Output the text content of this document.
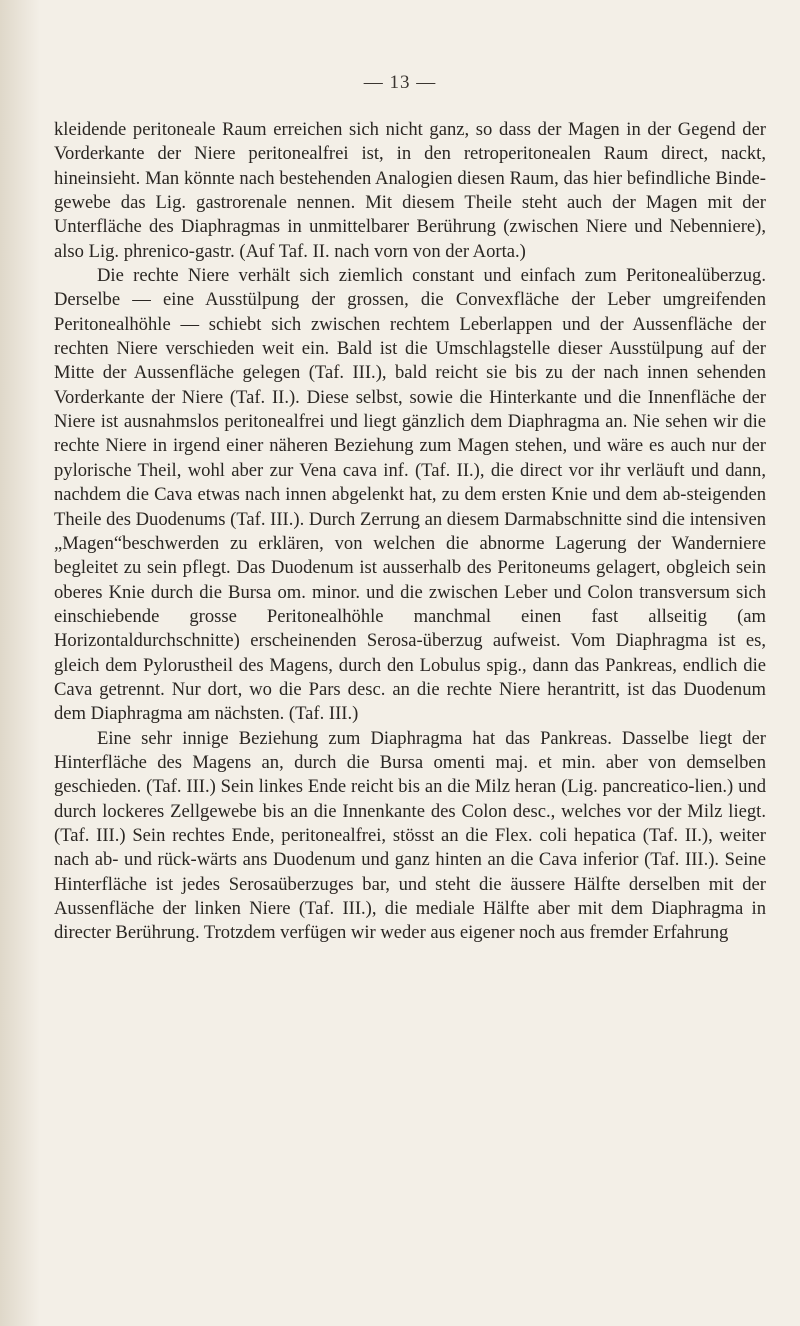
— 13 —

kleidende peritoneale Raum erreichen sich nicht ganz, so dass der Magen in der Gegend der Vorderkante der Niere peritonealfrei ist, in den retroperitonealen Raum direct, nackt, hineinsieht. Man könnte nach bestehenden Analogien diesen Raum, das hier befindliche Binde-gewebe das Lig. gastrorenale nennen. Mit diesem Theile steht auch der Magen mit der Unterfläche des Diaphragmas in unmittelbarer Berührung (zwischen Niere und Nebenniere), also Lig. phrenico-gastr. (Auf Taf. II. nach vorn von der Aorta.)

Die rechte Niere verhält sich ziemlich constant und einfach zum Peritonealüberzug. Derselbe — eine Ausstülpung der grossen, die Convexfläche der Leber umgreifenden Peritonealhöhle — schiebt sich zwischen rechtem Leberlappen und der Aussenfläche der rechten Niere verschieden weit ein. Bald ist die Umschlagstelle dieser Ausstülpung auf der Mitte der Aussenfläche gelegen (Taf. III.), bald reicht sie bis zu der nach innen sehenden Vorderkante der Niere (Taf. II.). Diese selbst, sowie die Hinterkante und die Innenfläche der Niere ist ausnahmslos peritonealfrei und liegt gänzlich dem Diaphragma an. Nie sehen wir die rechte Niere in irgend einer näheren Beziehung zum Magen stehen, und wäre es auch nur der pylorische Theil, wohl aber zur Vena cava inf. (Taf. II.), die direct vor ihr verläuft und dann, nachdem die Cava etwas nach innen abgelenkt hat, zu dem ersten Knie und dem ab-steigenden Theile des Duodenums (Taf. III.). Durch Zerrung an diesem Darmabschnitte sind die intensiven „Magen“beschwerden zu erklären, von welchen die abnorme Lagerung der Wanderniere begleitet zu sein pflegt. Das Duodenum ist ausserhalb des Peritoneums gelagert, obgleich sein oberes Knie durch die Bursa om. minor. und die zwischen Leber und Colon transversum sich einschiebende grosse Peritonealhöhle manchmal einen fast allseitig (am Horizontaldurchschnitte) erscheinenden Serosa-überzug aufweist. Vom Diaphragma ist es, gleich dem Pylorustheil des Magens, durch den Lobulus spig., dann das Pankreas, endlich die Cava getrennt. Nur dort, wo die Pars desc. an die rechte Niere herantritt, ist das Duodenum dem Diaphragma am nächsten. (Taf. III.)

Eine sehr innige Beziehung zum Diaphragma hat das Pankreas. Dasselbe liegt der Hinterfläche des Magens an, durch die Bursa omenti maj. et min. aber von demselben geschieden. (Taf. III.) Sein linkes Ende reicht bis an die Milz heran (Lig. pancreatico-lien.) und durch lockeres Zellgewebe bis an die Innenkante des Colon desc., welches vor der Milz liegt. (Taf. III.) Sein rechtes Ende, peritonealfrei, stösst an die Flex. coli hepatica (Taf. II.), weiter nach ab- und rück-wärts ans Duodenum und ganz hinten an die Cava inferior (Taf. III.). Seine Hinterfläche ist jedes Serosaüberzuges bar, und steht die äussere Hälfte derselben mit der Aussenfläche der linken Niere (Taf. III.), die mediale Hälfte aber mit dem Diaphragma in directer Berührung. Trotzdem verfügen wir weder aus eigener noch aus fremder Erfahrung
